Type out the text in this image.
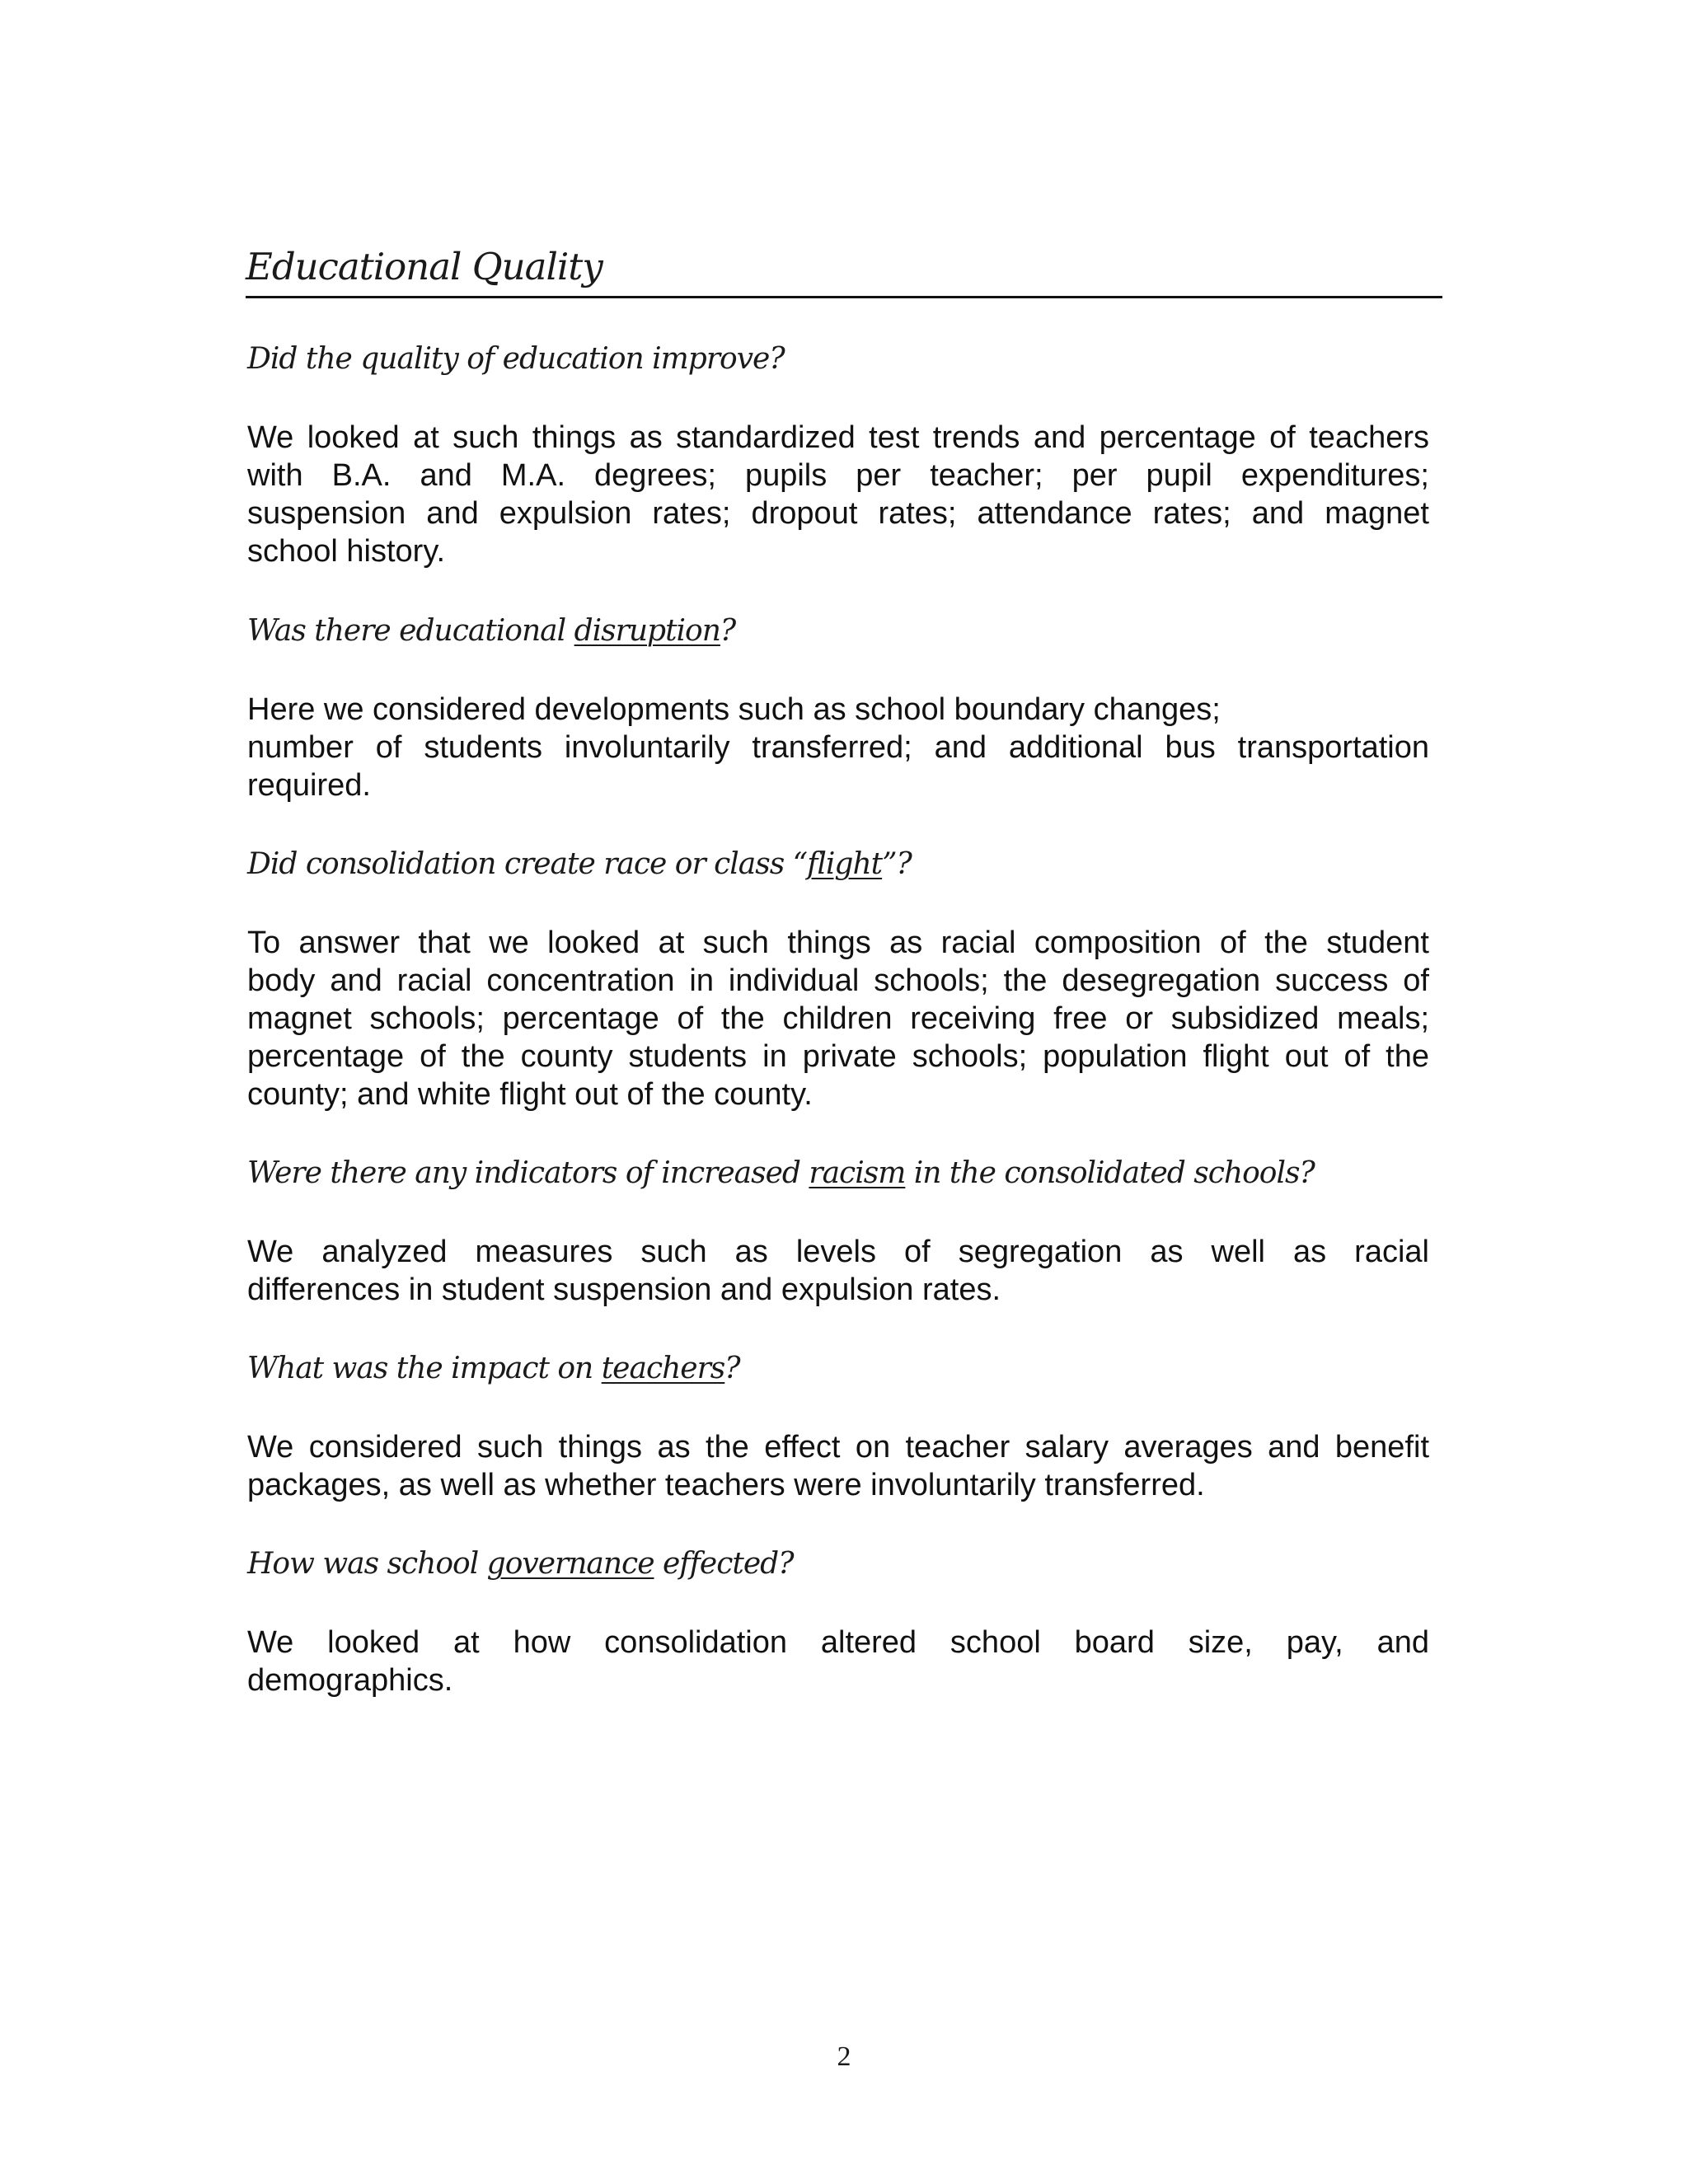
Educational Quality
Did the quality of education improve?
We looked at such things as standardized test trends and percentage of teachers
with B.A. and M.A. degrees; pupils per teacher; per pupil expenditures;
suspension and expulsion rates; dropout rates; attendance rates; and magnet
school history.
Was there educational disruption?
Here we considered developments such as school boundary changes;
number of students involuntarily transferred; and additional bus transportation
required.
Did consolidation create race or class “flight”?
To answer that we looked at such things as racial composition of the student
body and racial concentration in individual schools; the desegregation success of
magnet schools; percentage of the children receiving free or subsidized meals;
percentage of the county students in private schools; population flight out of the
county; and white flight out of the county.
Were there any indicators of increased racism in the consolidated schools?
We analyzed measures such as levels of segregation as well as racial
differences in student suspension and expulsion rates.
What was the impact on teachers?
We considered such things as the effect on teacher salary averages and benefit
packages, as well as whether teachers were involuntarily transferred.
How was school governance effected?
We looked at how consolidation altered school board size, pay, and
demographics.
2
